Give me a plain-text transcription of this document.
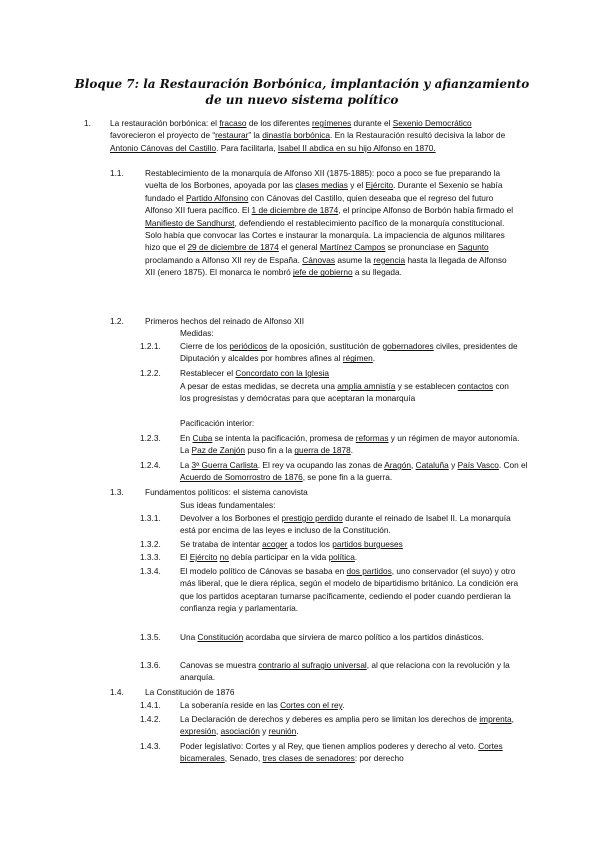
Bloque 7: la Restauración Borbónica, implantación y afianzamiento de un nuevo sistema político
1. La restauración borbónica: el fracaso de los diferentes regímenes durante el Sexenio Democrático favorecieron el proyecto de “restaurar” la dinastía borbónica. En la Restauración resultó decisiva la labor de Antonio Cánovas del Castillo. Para facilitarla, Isabel II abdica en su hijo Alfonso en 1870.
1.1.	Restablecimiento de la monarquía de Alfonso XII (1875-1885): poco a poco se fue preparando la vuelta de los Borbones, apoyada por las clases medias y el Ejército. Durante el Sexenio se había fundado el Partido Alfonsino con Cánovas del Castillo, quien deseaba que el regreso del futuro Alfonso XII fuera pacífico. El 1 de diciembre de 1874, el príncipe Alfonso de Borbón había firmado el Manifiesto de Sandhurst, defendiendo el restablecimiento pacífico de la monarquía constitucional. Solo había que convocar las Cortes e instaurar la monarquía. La impaciencia de algunos militares hizo que el 29 de diciembre de 1874 el general Martínez Campos se pronunciase en Sagunto proclamando a Alfonso XII rey de España. Cánovas asume la regencia hasta la llegada de Alfonso XII (enero 1875). El monarca le nombró jefe de gobierno a su llegada.
1.2.	Primeros hechos del reinado de Alfonso XII
Medidas:
1.2.1. Cierre de los periódicos de la oposición, sustitución de gobernadores civiles, presidentes de Diputación y alcaldes por hombres afines al régimen.
1.2.2. Restablecer el Concordato con la Iglesia
A pesar de estas medidas, se decreta una amplia amnistía y se establecen contactos con los progresistas y demócratas para que aceptaran la monarquía
Pacificación interior:
1.2.3. En Cuba se intenta la pacificación, promesa de reformas y un régimen de mayor autonomía. La Paz de Zanjón puso fin a la guerra de 1878.
1.2.4. La 3ª Guerra Carlista. El rey va ocupando las zonas de Aragón, Cataluña y País Vasco. Con el Acuerdo de Somorrostro de 1876, se pone fin a la guerra.
1.3.	Fundamentos políticos: el sistema canovista
Sus ideas fundamentales:
1.3.1. Devolver a los Borbones el prestigio perdido durante el reinado de Isabel II. La monarquía está por encima de las leyes e incluso de la Constitución.
1.3.2. Se trataba de intentar acoger a todos los partidos burgueses
1.3.3. El Ejército no debía participar en la vida política.
1.3.4. El modelo político de Cánovas se basaba en dos partidos, uno conservador (el suyo) y otro más liberal, que le diera réplica, según el modelo de bipartidismo británico. La condición era que los partidos aceptaran turnarse pacíficamente, cediendo el poder cuando perdieran la confianza regia y parlamentaria.
1.3.5. Una Constitución acordaba que sirviera de marco político a los partidos dinásticos.
1.3.6. Canovas se muestra contrario al sufragio universal, al que relaciona con la revolución y la anarquía.
1.4.	La Constitución de 1876
1.4.1. La soberanía reside en las Cortes con el rey.
1.4.2. La Declaración de derechos y deberes es amplia pero se limitan los derechos de imprenta, expresión, asociación y reunión.
1.4.3. Poder legislativo: Cortes y al Rey, que tienen amplios poderes y derecho al veto. Cortes bicamerales, Senado, tres clases de senadores: por derecho
